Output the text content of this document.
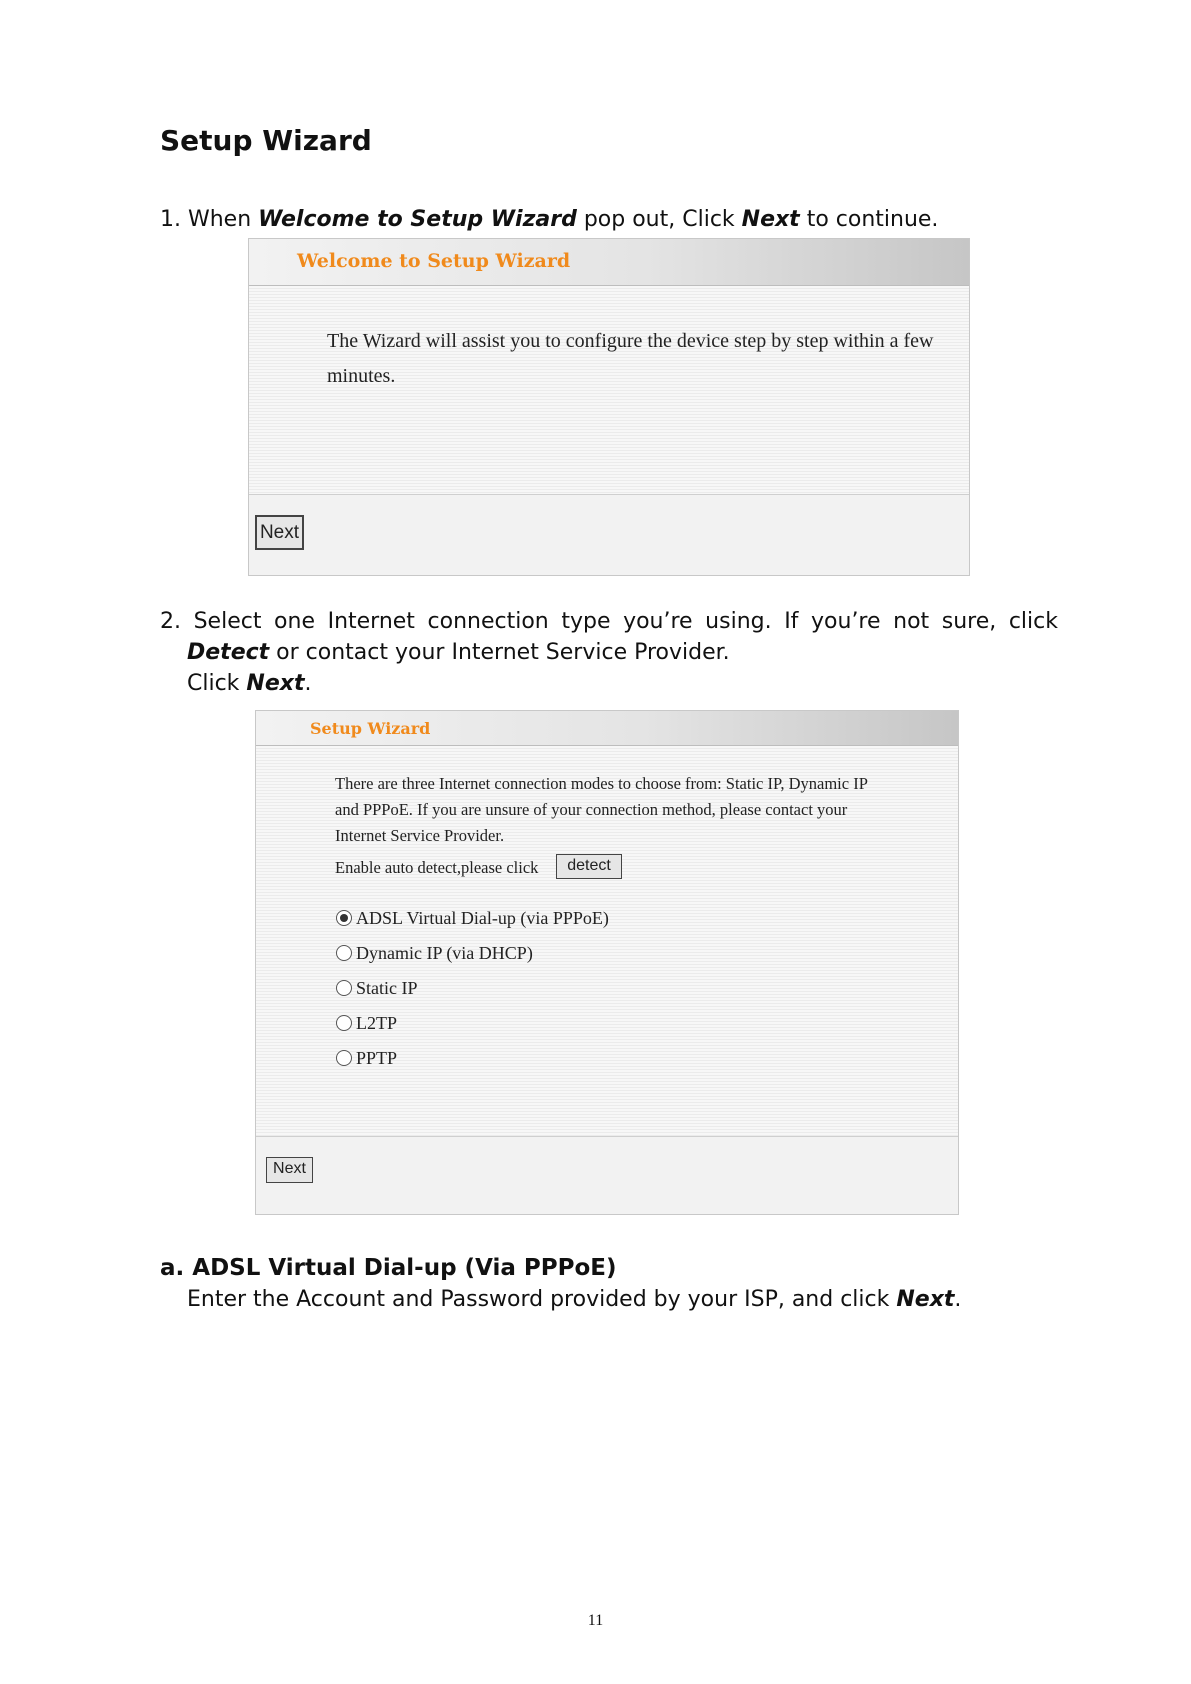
Setup Wizard
1. When Welcome to Setup Wizard pop out, Click Next to continue.
Welcome to Setup Wizard
The Wizard will assist you to configure the device step by step within a few
minutes.
Next
2. Select one Internet connection type you’re using. If you’re not sure, click
Detect or contact your Internet Service Provider.
Click Next.
Setup Wizard
There are three Internet connection modes to choose from: Static IP, Dynamic IP
and PPPoE. If you are unsure of your connection method, please contact your
Internet Service Provider.
Enable auto detect,please click	detect
ADSL Virtual Dial-up (via PPPoE)
Dynamic IP (via DHCP)
Static IP
L2TP
PPTP
Next
a. ADSL Virtual Dial-up (Via PPPoE)
Enter the Account and Password provided by your ISP, and click Next.
11
